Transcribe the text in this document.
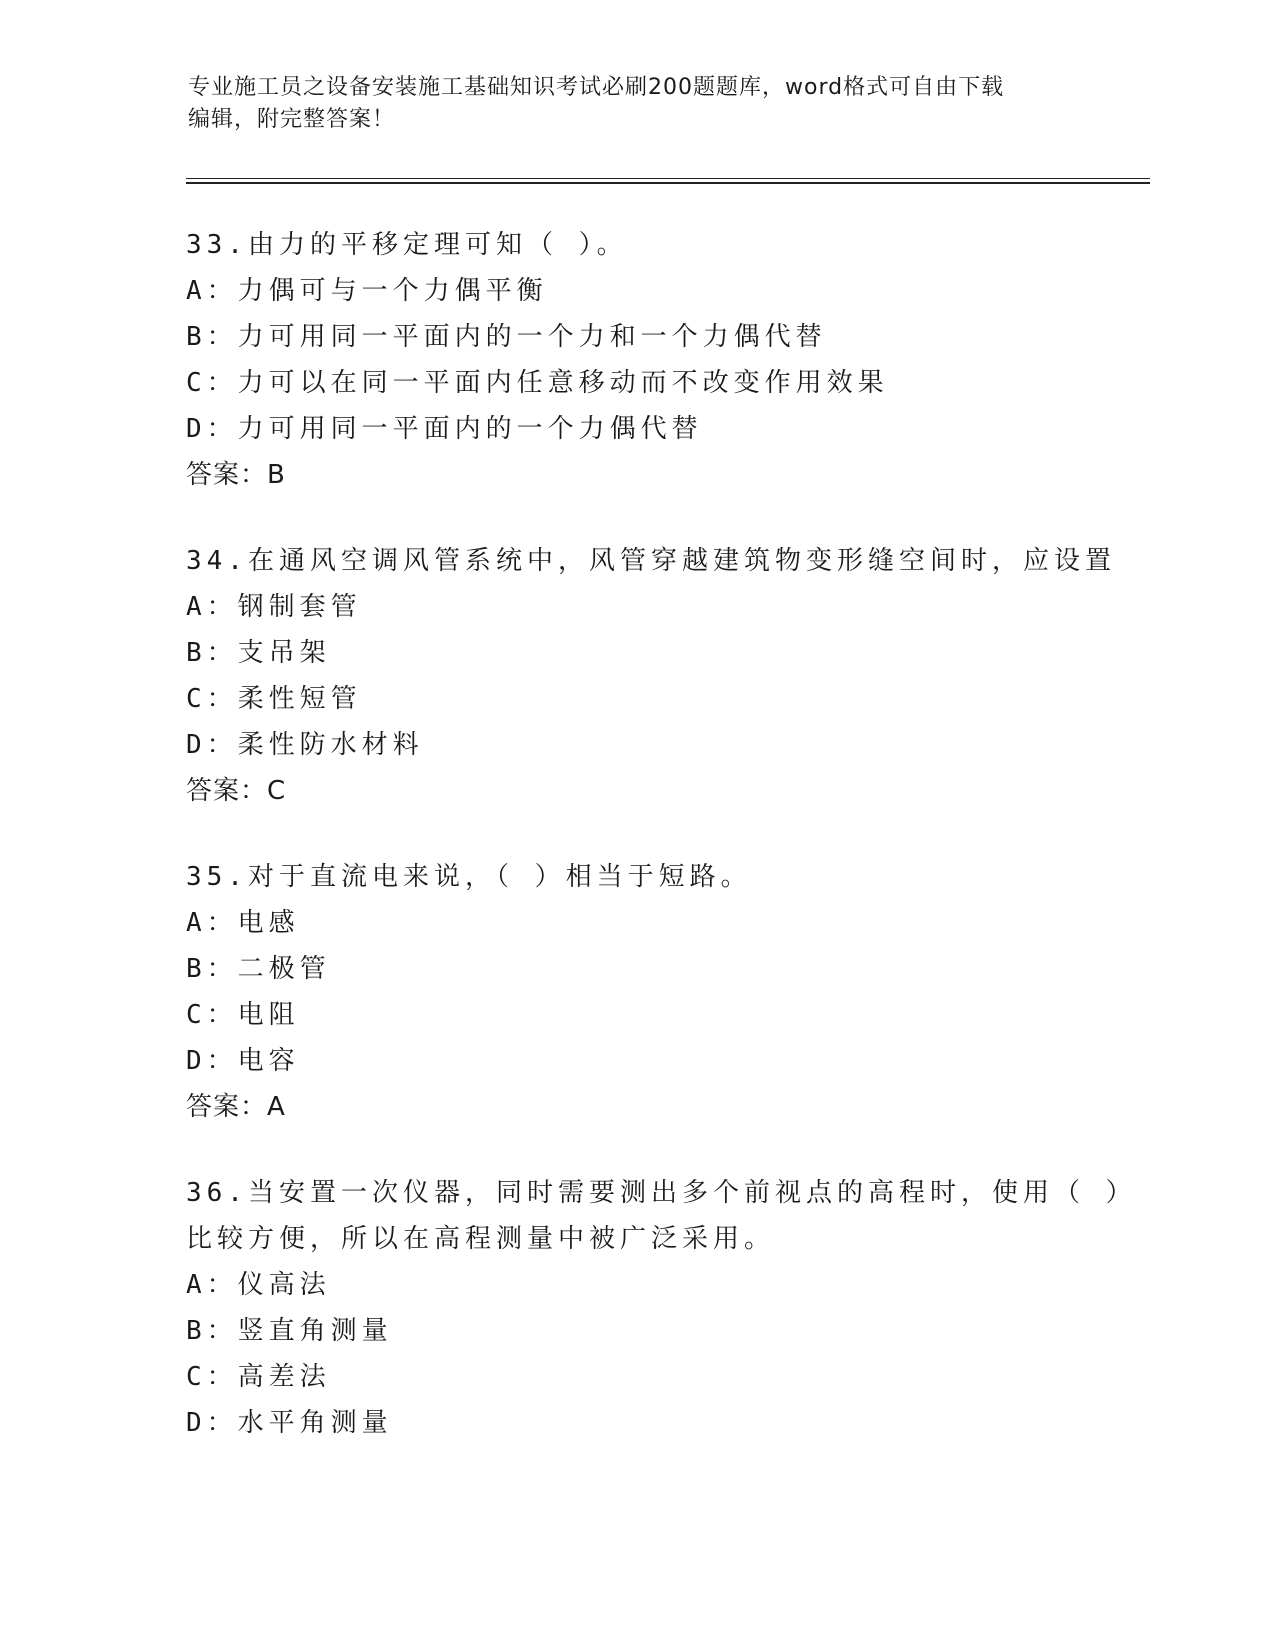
专业施工员之设备安装施工基础知识考试必刷200题题库，word格式可自由下载
编辑，附完整答案！
33.由力的平移定理可知（ ）。
A：力偶可与一个力偶平衡
B：力可用同一平面内的一个力和一个力偶代替
C：力可以在同一平面内任意移动而不改变作用效果
D：力可用同一平面内的一个力偶代替
答案：B
34.在通风空调风管系统中，风管穿越建筑物变形缝空间时，应设置
A：钢制套管
B：支吊架
C：柔性短管
D：柔性防水材料
答案：C
35.对于直流电来说，（ ）相当于短路。
A：电感
B：二极管
C：电阻
D：电容
答案：A
36.当安置一次仪器，同时需要测出多个前视点的高程时，使用（ ）
比较方便，所以在高程测量中被广泛采用。
A：仪高法
B：竖直角测量
C：高差法
D：水平角测量
